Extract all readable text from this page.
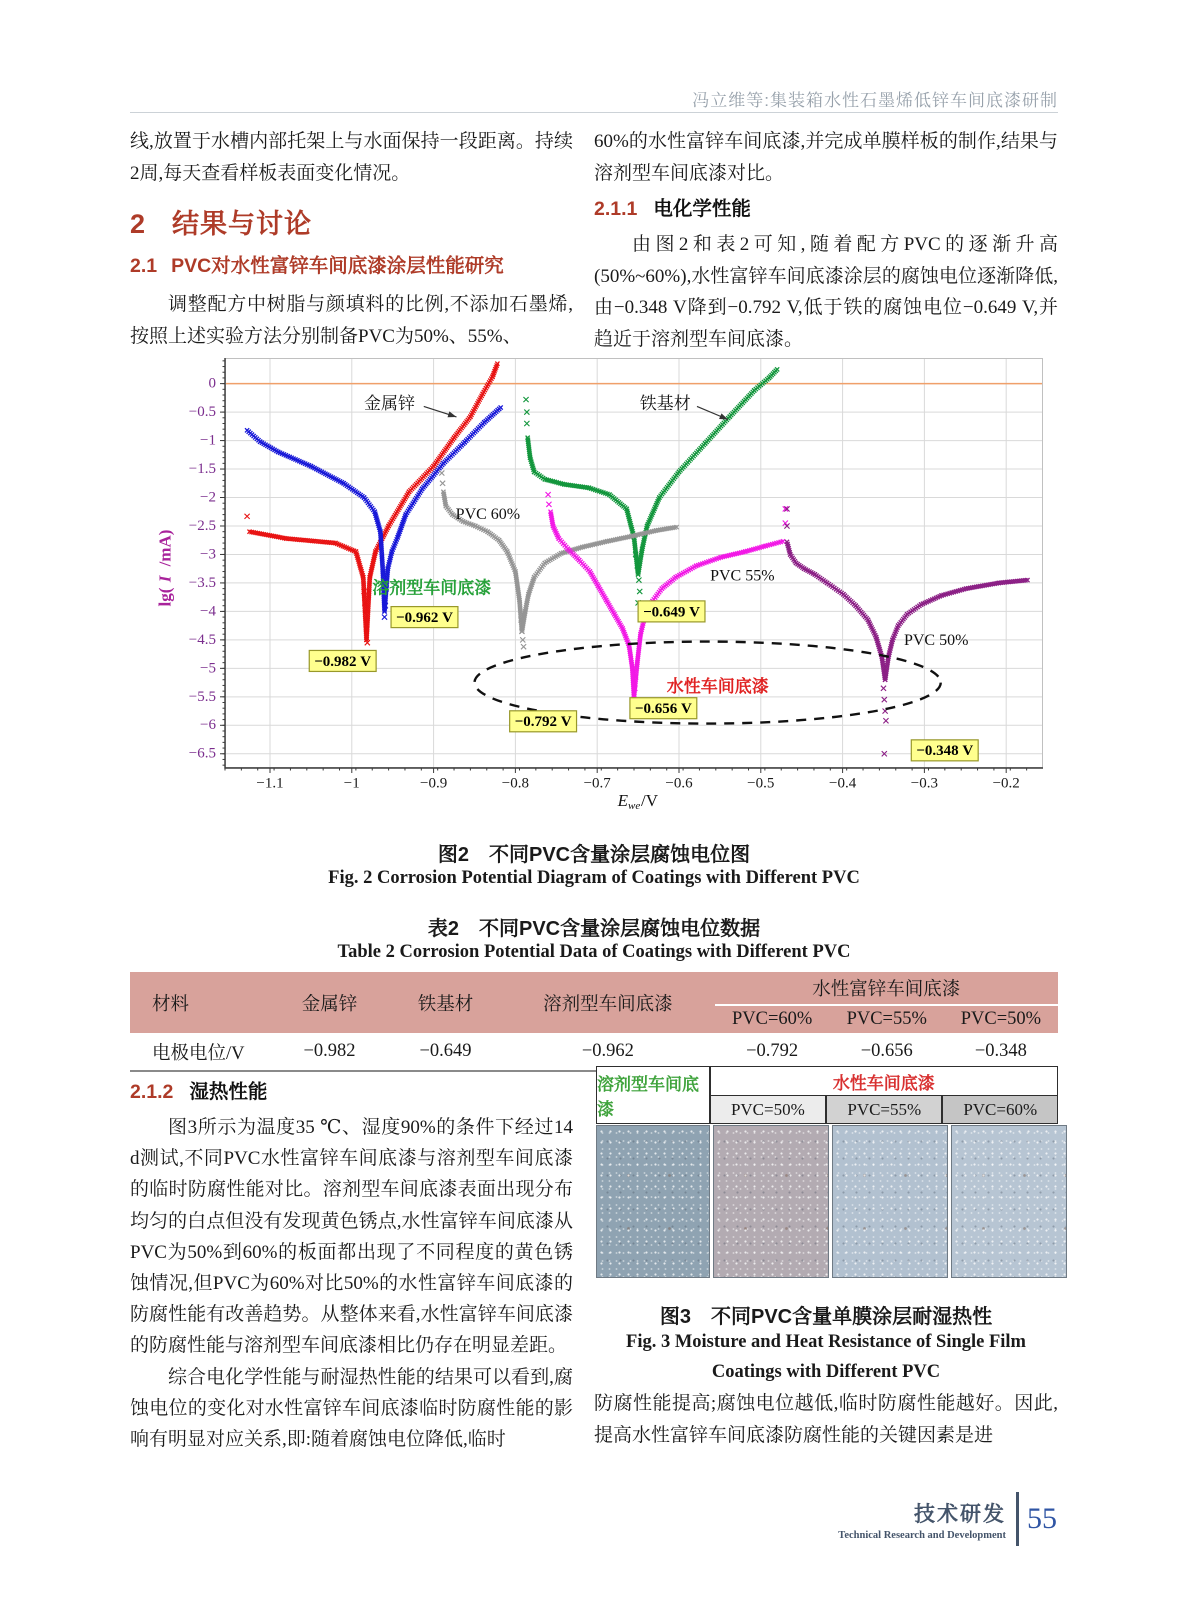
冯立维等:集装箱水性石墨烯低锌车间底漆研制

线,放置于水槽内部托架上与水面保持一段距离。持续2周,每天查看样板表面变化情况。

2 结果与讨论
2.1 PVC对水性富锌车间底漆涂层性能研究

调整配方中树脂与颜填料的比例,不添加石墨烯,按照上述实验方法分别制备PVC为50%、55%、

60%的水性富锌车间底漆,并完成单膜样板的制作,结果与溶剂型车间底漆对比。

2.1.1 电化学性能

由图2和表2可知,随着配方PVC的逐渐升高(50%~60%),水性富锌车间底漆涂层的腐蚀电位逐渐降低,由−0.348 V降到−0.792 V,低于铁的腐蚀电位−0.649 V,并趋近于溶剂型车间底漆。

图2　不同PVC含量涂层腐蚀电位图
Fig. 2 Corrosion Potential Diagram of Coatings with Different PVC
表2　不同PVC含量涂层腐蚀电位数据
Table 2 Corrosion Potential Data of Coatings with Different PVC
材料	金属锌	铁基材	溶剂型车间底漆	水性富锌车间底漆		
				PVC=60%	PVC=55%	PVC=50%
电极电位/V	−0.982	−0.649	−0.962	−0.792	−0.656	−0.348
2.1.2 湿热性能

图3所示为温度35 ℃、湿度90%的条件下经过14 d测试,不同PVC水性富锌车间底漆与溶剂型车间底漆的临时防腐性能对比。溶剂型车间底漆表面出现分布均匀的白点但没有发现黄色锈点,水性富锌车间底漆从PVC为50%到60%的板面都出现了不同程度的黄色锈蚀情况,但PVC为60%对比50%的水性富锌车间底漆的防腐性能有改善趋势。从整体来看,水性富锌车间底漆的防腐性能与溶剂型车间底漆相比仍存在明显差距。

综合电化学性能与耐湿热性能的结果可以看到,腐蚀电位的变化对水性富锌车间底漆临时防腐性能的影响有明显对应关系,即:随着腐蚀电位降低,临时

溶剂型车间底漆
水性车间底漆
PVC=50%	PVC=55%	PVC=60%
图3　不同PVC含量单膜涂层耐湿热性
Fig. 3 Moisture and Heat Resistance of Single Film
Coatings with Different PVC

防腐性能提高;腐蚀电位越低,临时防腐性能越好。因此,提高水性富锌车间底漆防腐性能的关键因素是进

技术研发
Technical Research and Development 55
